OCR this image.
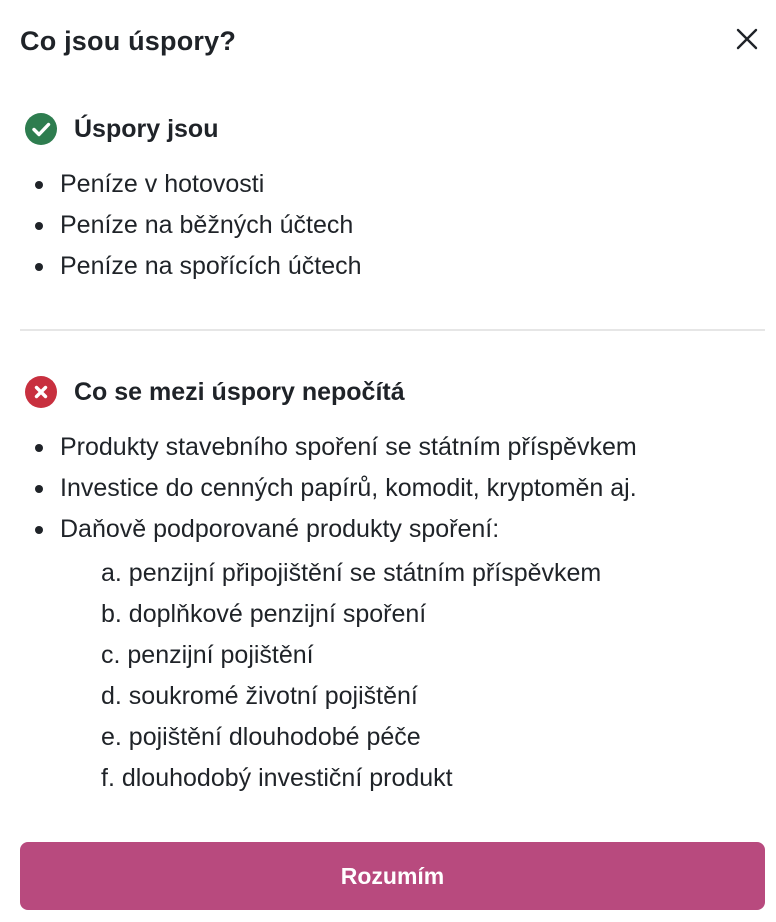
Co jsou úspory?
Úspory jsou
Peníze v hotovosti
Peníze na běžných účtech
Peníze na spořících účtech
Co se mezi úspory nepočítá
Produkty stavebního spoření se státním příspěvkem
Investice do cenných papírů, komodit, kryptoměn aj.
Daňově podporované produkty spoření:
a. penzijní připojištění se státním příspěvkem
b. doplňkové penzijní spoření
c. penzijní pojištění
d. soukromé životní pojištění
e. pojištění dlouhodobé péče
f. dlouhodobý investiční produkt
Rozumím
